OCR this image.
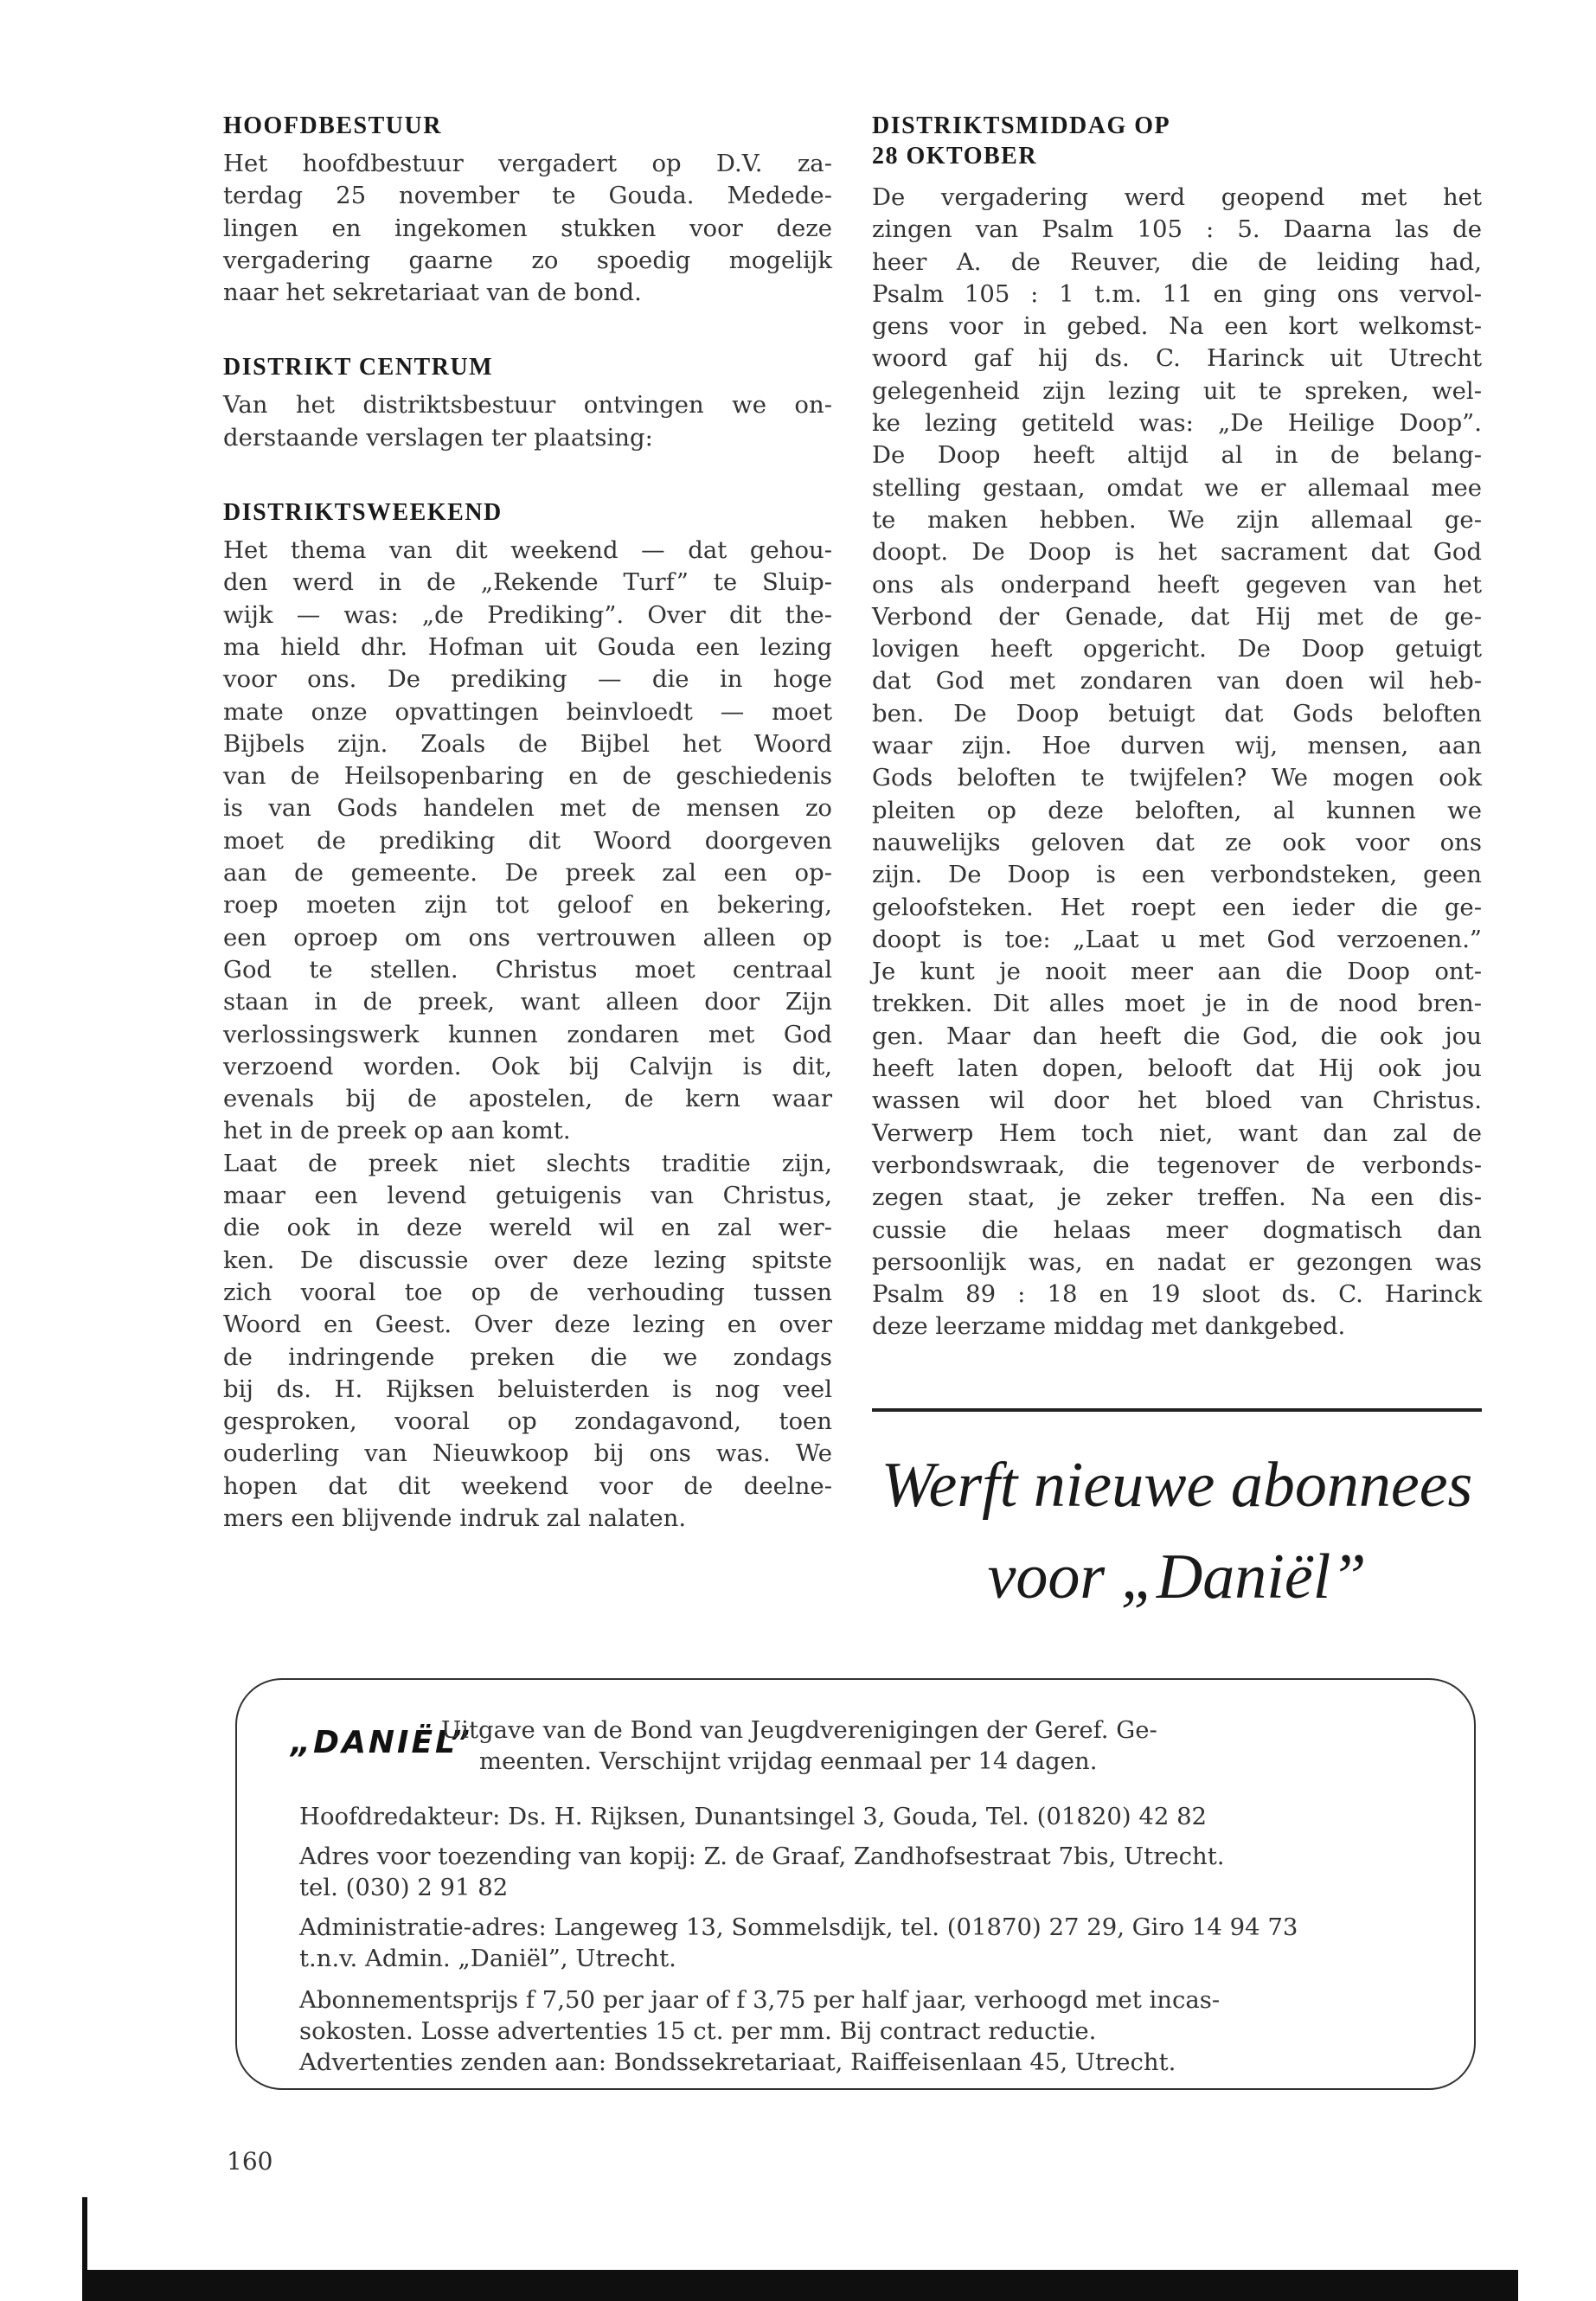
HOOFDBESTUUR

Het hoofdbestuur vergadert op D.V. za-
terdag 25 november te Gouda. Medede-
lingen en ingekomen stukken voor deze
vergadering gaarne zo spoedig mogelijk
naar het sekretariaat van de bond.

DISTRIKT CENTRUM

Van het distriktsbestuur ontvingen we on-
derstaande verslagen ter plaatsing:

DISTRIKTSWEEKEND

Het thema van dit weekend — dat gehou-
den werd in de „Rekende Turf” te Sluip-
wijk — was: „de Prediking”. Over dit the-
ma hield dhr. Hofman uit Gouda een lezing
voor ons. De prediking — die in hoge
mate onze opvattingen beinvloedt — moet
Bijbels zijn. Zoals de Bijbel het Woord
van de Heilsopenbaring en de geschiedenis
is van Gods handelen met de mensen zo
moet de prediking dit Woord doorgeven
aan de gemeente. De preek zal een op-
roep moeten zijn tot geloof en bekering,
een oproep om ons vertrouwen alleen op
God te stellen. Christus moet centraal
staan in de preek, want alleen door Zijn
verlossingswerk kunnen zondaren met God
verzoend worden. Ook bij Calvijn is dit,
evenals bij de apostelen, de kern waar
het in de preek op aan komt.
Laat de preek niet slechts traditie zijn,
maar een levend getuigenis van Christus,
die ook in deze wereld wil en zal wer-
ken. De discussie over deze lezing spitste
zich vooral toe op de verhouding tussen
Woord en Geest. Over deze lezing en over
de indringende preken die we zondags
bij ds. H. Rijksen beluisterden is nog veel
gesproken, vooral op zondagavond, toen
ouderling van Nieuwkoop bij ons was. We
hopen dat dit weekend voor de deelne-
mers een blijvende indruk zal nalaten.

DISTRIKTSMIDDAG OP
28 OKTOBER

De vergadering werd geopend met het
zingen van Psalm 105 : 5. Daarna las de
heer A. de Reuver, die de leiding had,
Psalm 105 : 1 t.m. 11 en ging ons vervol-
gens voor in gebed. Na een kort welkomst-
woord gaf hij ds. C. Harinck uit Utrecht
gelegenheid zijn lezing uit te spreken, wel-
ke lezing getiteld was: „De Heilige Doop”.
De Doop heeft altijd al in de belang-
stelling gestaan, omdat we er allemaal mee
te maken hebben. We zijn allemaal ge-
doopt. De Doop is het sacrament dat God
ons als onderpand heeft gegeven van het
Verbond der Genade, dat Hij met de ge-
lovigen heeft opgericht. De Doop getuigt
dat God met zondaren van doen wil heb-
ben. De Doop betuigt dat Gods beloften
waar zijn. Hoe durven wij, mensen, aan
Gods beloften te twijfelen? We mogen ook
pleiten op deze beloften, al kunnen we
nauwelijks geloven dat ze ook voor ons
zijn. De Doop is een verbondsteken, geen
geloofsteken. Het roept een ieder die ge-
doopt is toe: „Laat u met God verzoenen.”
Je kunt je nooit meer aan die Doop ont-
trekken. Dit alles moet je in de nood bren-
gen. Maar dan heeft die God, die ook jou
heeft laten dopen, belooft dat Hij ook jou
wassen wil door het bloed van Christus.
Verwerp Hem toch niet, want dan zal de
verbondswraak, die tegenover de verbonds-
zegen staat, je zeker treffen. Na een dis-
cussie die helaas meer dogmatisch dan
persoonlijk was, en nadat er gezongen was
Psalm 89 : 18 en 19 sloot ds. C. Harinck
deze leerzame middag met dankgebed.

Werft nieuwe abonnees
voor „Daniël”
„DANIËL”

Uitgave van de Bond van Jeugdverenigingen der Geref. Ge-

meenten. Verschijnt vrijdag eenmaal per 14 dagen.

Hoofdredakteur: Ds. H. Rijksen, Dunantsingel 3, Gouda, Tel. (01820) 42 82

Adres voor toezending van kopij: Z. de Graaf, Zandhofsestraat 7bis, Utrecht.

tel. (030) 2 91 82

Administratie-adres: Langeweg 13, Sommelsdijk, tel. (01870) 27 29, Giro 14 94 73

t.n.v. Admin. „Daniël”, Utrecht.

Abonnementsprijs f 7,50 per jaar of f 3,75 per half jaar, verhoogd met incas-

sokosten. Losse advertenties 15 ct. per mm. Bij contract reductie.

Advertenties zenden aan: Bondssekretariaat, Raiffeisenlaan 45, Utrecht.

160
